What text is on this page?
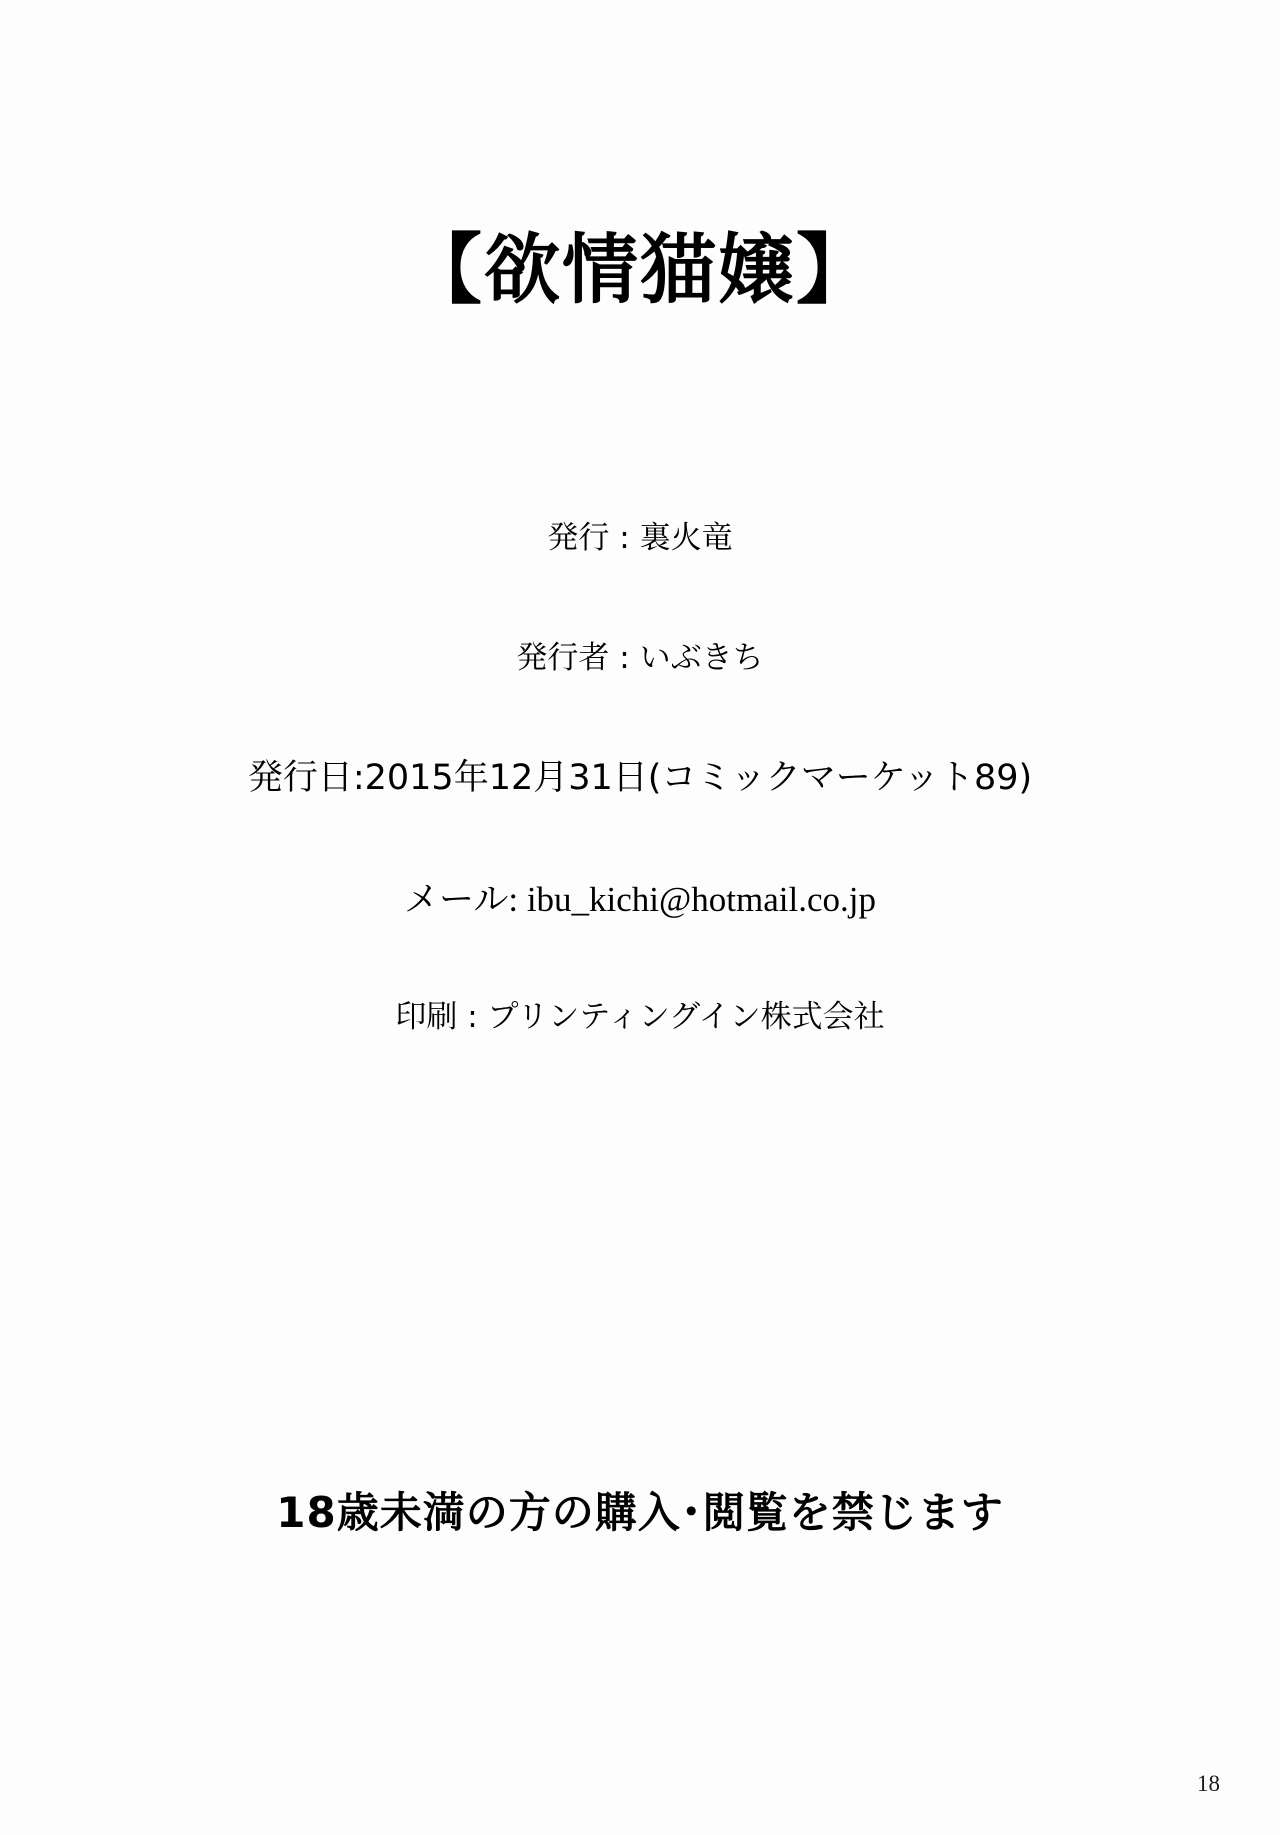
【欲情猫嬢】
発行 : 裏火竜
発行者 : いぶきち
発行日:2015年12月31日(コミックマーケット89)
メール: ibu_kichi@hotmail.co.jp
印刷 : プリンティングイン株式会社
18歳未満の方の購入･閲覧を禁じます
18
